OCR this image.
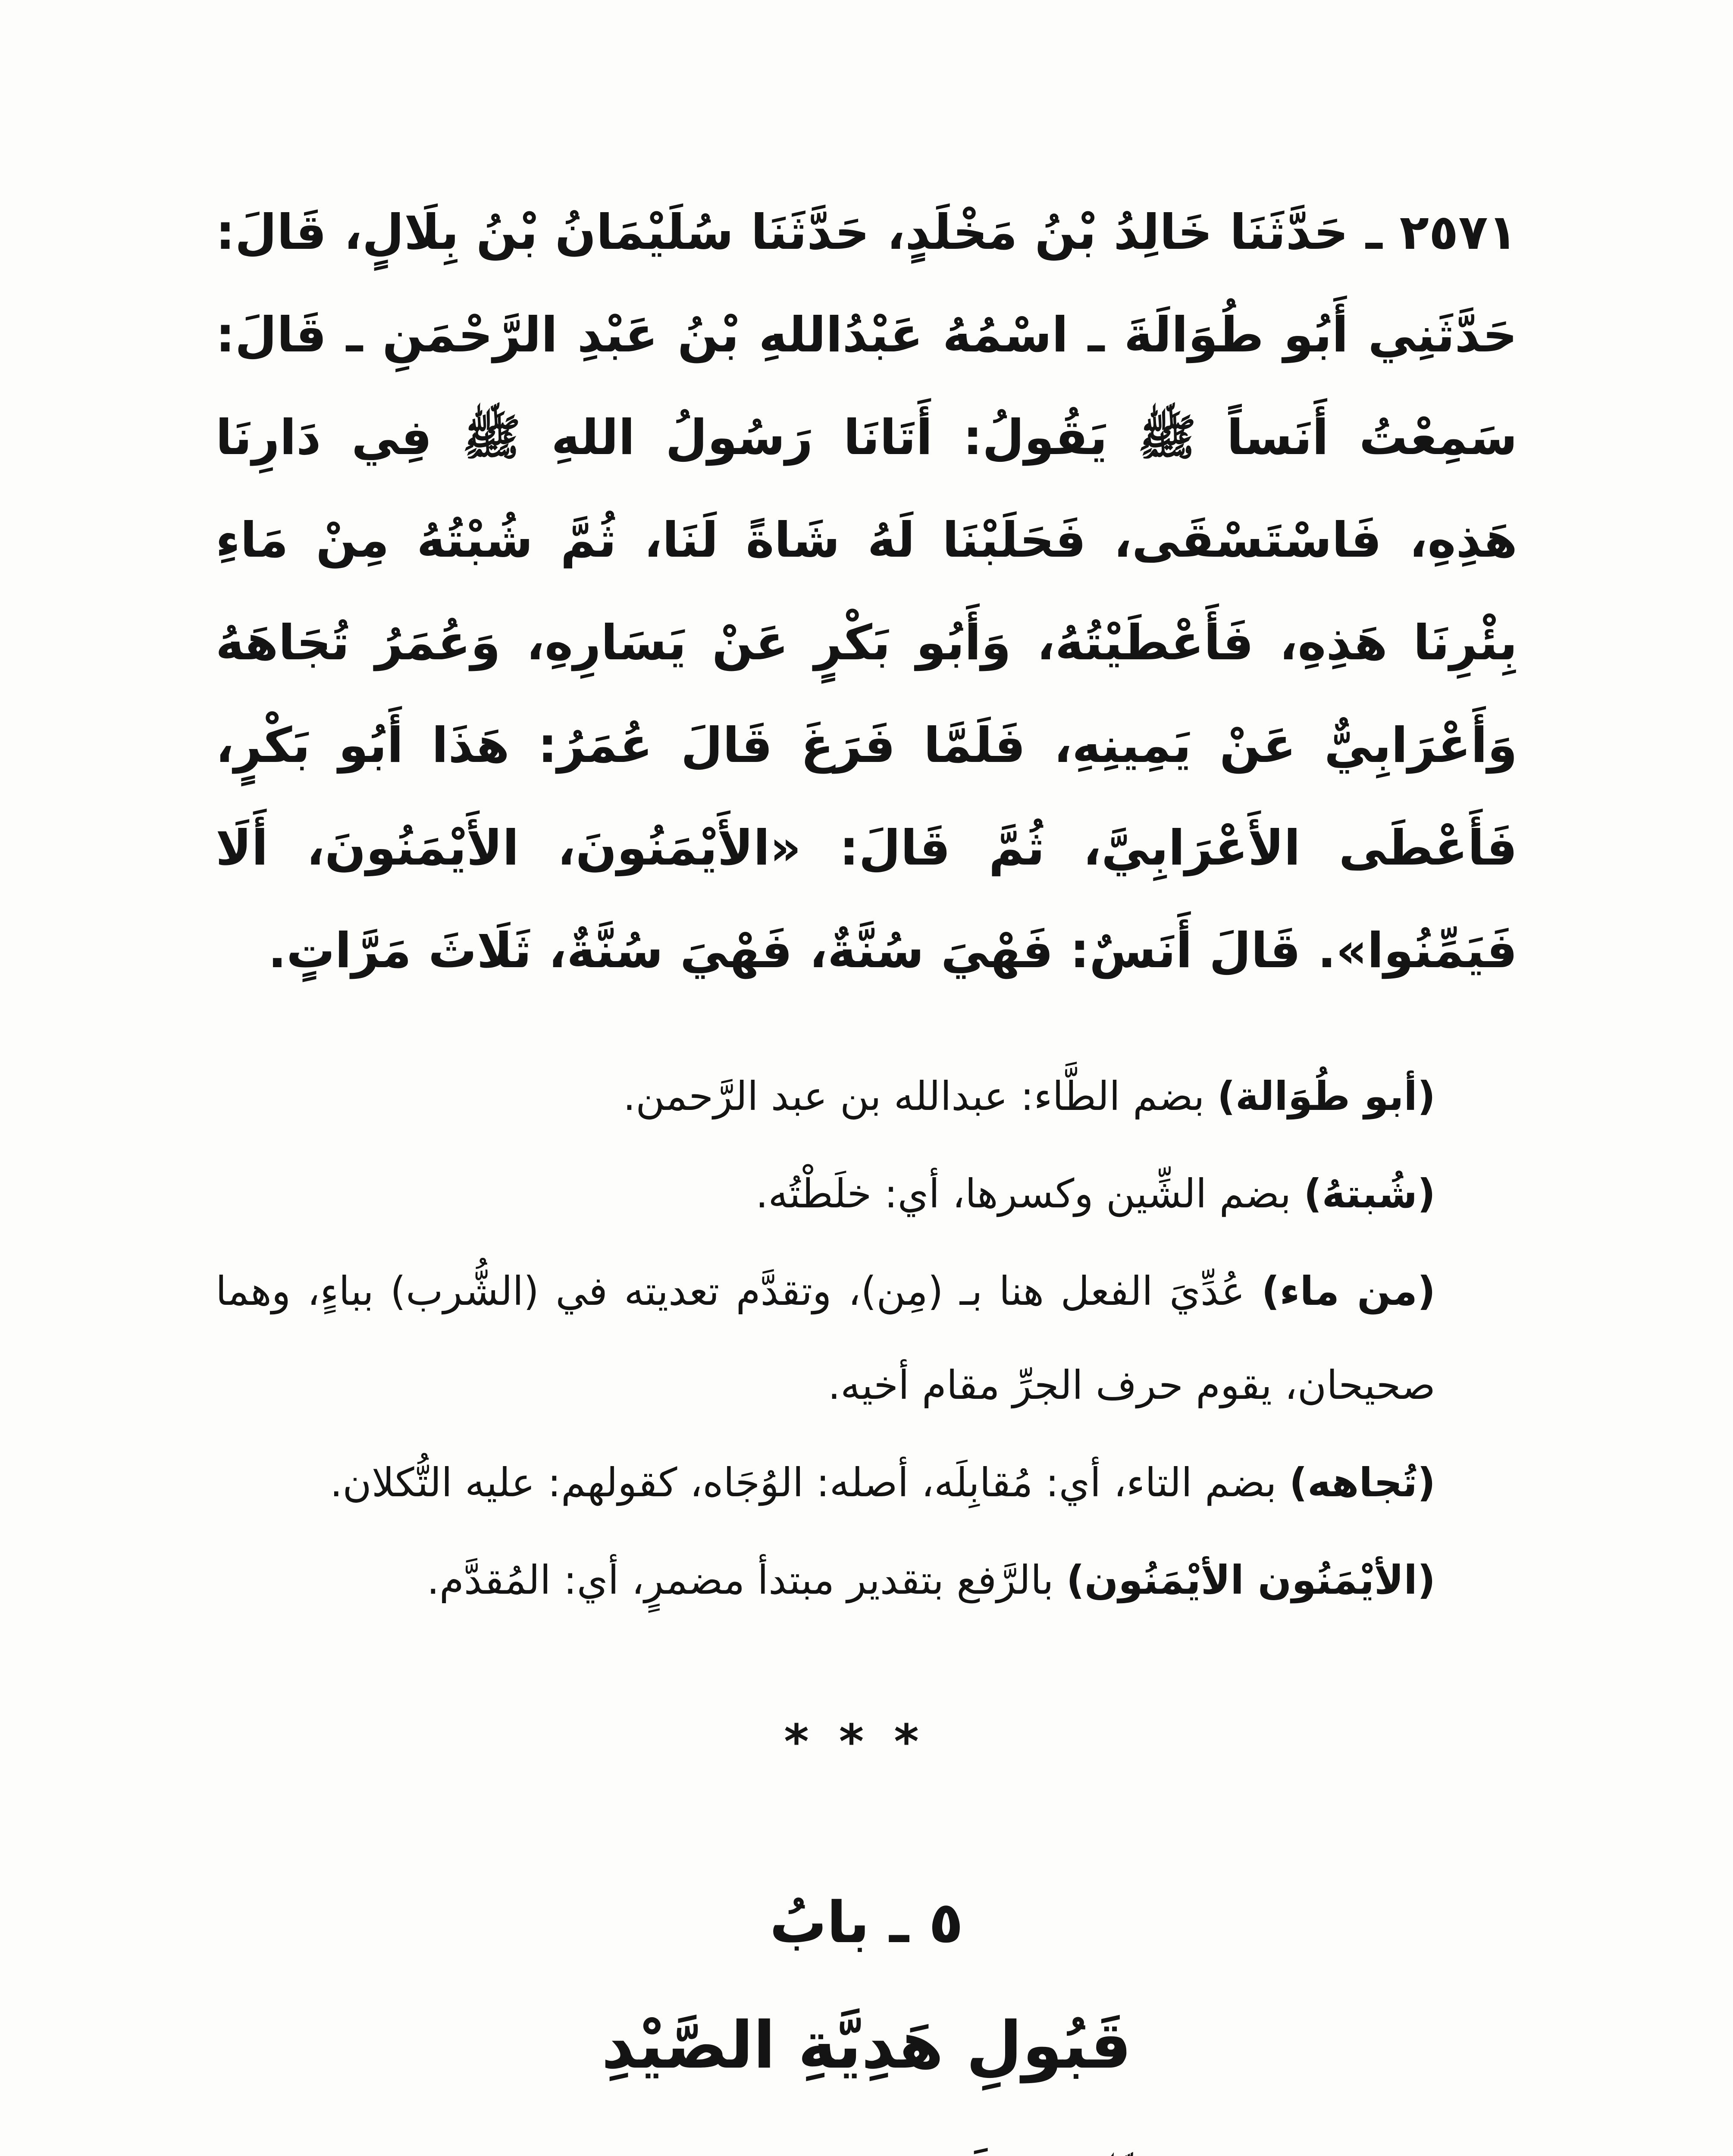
٢٥٧١ ـ حَدَّثَنَا خَالِدُ بْنُ مَخْلَدٍ، حَدَّثَنَا سُلَيْمَانُ بْنُ بِلَالٍ، قَالَ: حَدَّثَنِي أَبُو طُوَالَةَ ـ اسْمُهُ عَبْدُاللهِ بْنُ عَبْدِ الرَّحْمَنِ ـ قَالَ: سَمِعْتُ أَنَساً ﷺ يَقُولُ: أَتَانَا رَسُولُ اللهِ ﷺ فِي دَارِنَا هَذِهِ، فَاسْتَسْقَى، فَحَلَبْنَا لَهُ شَاةً لَنَا، ثُمَّ شُبْتُهُ مِنْ مَاءِ بِئْرِنَا هَذِهِ، فَأَعْطَيْتُهُ، وَأَبُو بَكْرٍ عَنْ يَسَارِهِ، وَعُمَرُ تُجَاهَهُ وَأَعْرَابِيٌّ عَنْ يَمِينِهِ، فَلَمَّا فَرَغَ قَالَ عُمَرُ: هَذَا أَبُو بَكْرٍ، فَأَعْطَى الأَعْرَابِيَّ، ثُمَّ قَالَ: «الأَيْمَنُونَ، الأَيْمَنُونَ، أَلَا فَيَمِّنُوا». قَالَ أَنَسٌ: فَهْيَ سُنَّةٌ، فَهْيَ سُنَّةٌ، ثَلَاثَ مَرَّاتٍ.

(أبو طُوَالة) بضم الطَّاء: عبدالله بن عبد الرَّحمن.

(شُبتهُ) بضم الشِّين وكسرها، أي: خلَطْتُه.

(من ماء) عُدِّيَ الفعل هنا بـ (مِن)، وتقدَّم تعديته في (الشُّرب) بباءٍ، وهما صحيحان، يقوم حرف الجرِّ مقام أخيه.

(تُجاهه) بضم التاء، أي: مُقابِلَه، أصله: الوُجَاه، كقولهم: عليه التُّكلان.

(الأيْمَنُون الأيْمَنُون) بالرَّفع بتقدير مبتدأ مضمرٍ، أي: المُقدَّم.

***
٥ ـ بابُ
قَبُولِ هَدِيَّةِ الصَّيْدِ
